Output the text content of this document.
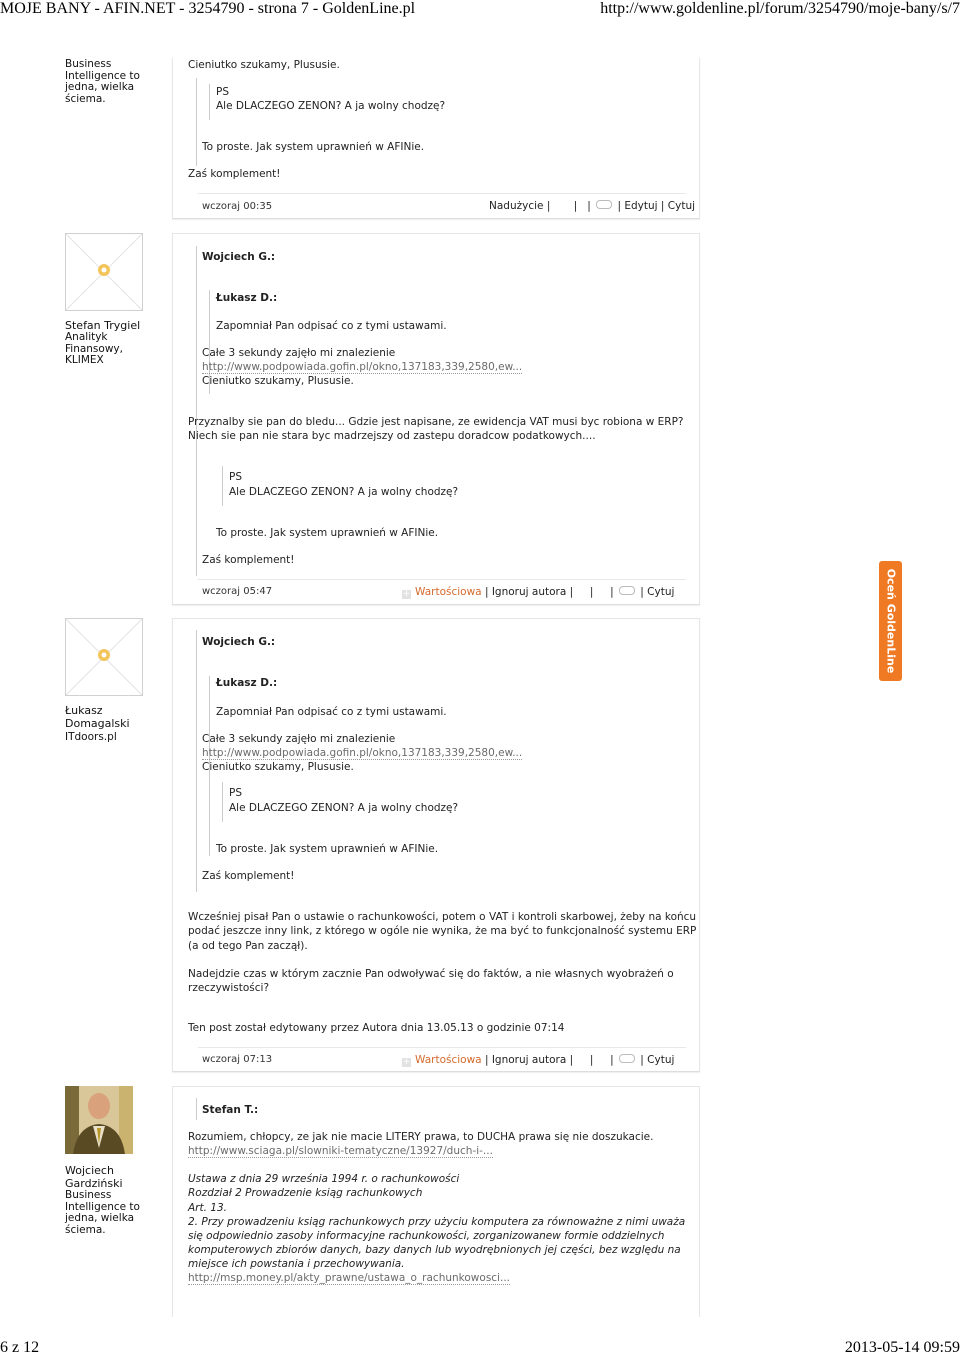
MOJE BANY - AFIN.NET - 3254790 - strona 7 - GoldenLine.pl	http://www.goldenline.pl/forum/3254790/moje-bany/s/7
6 z 12	2013-05-14 09:59
Business
Intelligence to
jedna, wielka
ściema.
Cieniutko szukamy, Plususie.
PS
Ale DLACZEGO ZENON? A ja wolny chodzę?
To proste. Jak system uprawnień w AFINie.
Zaś komplement!
wczoraj 00:35	Nadużycie |       |   |  | Edytuj | Cytuj
Stefan Trygiel
Analityk
Finansowy,
KLIMEX
Wojciech G.:
Łukasz D.:
Zapomniał Pan odpisać co z tymi ustawami.
Całe 3 sekundy zajęło mi znalezienie
http://www.podpowiada.gofin.pl/okno,137183,339,2580,ew...
Cieniutko szukamy, Plususie.
Przyznalby sie pan do bledu... Gdzie jest napisane, ze ewidencja VAT musi byc robiona w ERP?
Niech sie pan nie stara byc madrzejszy od zastepu doradcow podatkowych....
PS
Ale DLACZEGO ZENON? A ja wolny chodzę?
To proste. Jak system uprawnień w AFINie.
Zaś komplement!
wczoraj 05:47	+ Wartościowa | Ignoruj autora |     |     |  | Cytuj	Oceń GoldenLine
Łukasz
Domagalski
ITdoors.pl
Wojciech G.:
Łukasz D.:
Zapomniał Pan odpisać co z tymi ustawami.
Całe 3 sekundy zajęło mi znalezienie
http://www.podpowiada.gofin.pl/okno,137183,339,2580,ew...
Cieniutko szukamy, Plususie.
PS
Ale DLACZEGO ZENON? A ja wolny chodzę?
To proste. Jak system uprawnień w AFINie.
Zaś komplement!
Wcześniej pisał Pan o ustawie o rachunkowości, potem o VAT i kontroli skarbowej, żeby na końcu
podać jeszcze inny link, z którego w ogóle nie wynika, że ma być to funkcjonalność systemu ERP
(a od tego Pan zaczął).
Nadejdzie czas w którym zacznie Pan odwoływać się do faktów, a nie własnych wyobrażeń o
rzeczywistości?
Ten post został edytowany przez Autora dnia 13.05.13 o godzinie 07:14
wczoraj 07:13	+ Wartościowa | Ignoruj autora |     |     |  | Cytuj
Wojciech
Gardziński
Business
Intelligence to
jedna, wielka
ściema.
Stefan T.:
Rozumiem, chłopcy, ze jak nie macie LITERY prawa, to DUCHA prawa się nie doszukacie.
http://www.sciaga.pl/slowniki-tematyczne/13927/duch-i-...
Ustawa z dnia 29 września 1994 r. o rachunkowości
Rozdział 2 Prowadzenie ksiąg rachunkowych
Art. 13.
2. Przy prowadzeniu ksiąg rachunkowych przy użyciu komputera za równoważne z nimi uważa
się odpowiednio zasoby informacyjne rachunkowości, zorganizowanew formie oddzielnych
komputerowych zbiorów danych, bazy danych lub wyodrębnionych jej części, bez względu na
miejsce ich powstania i przechowywania.
http://msp.money.pl/akty_prawne/ustawa_o_rachunkowosci...
